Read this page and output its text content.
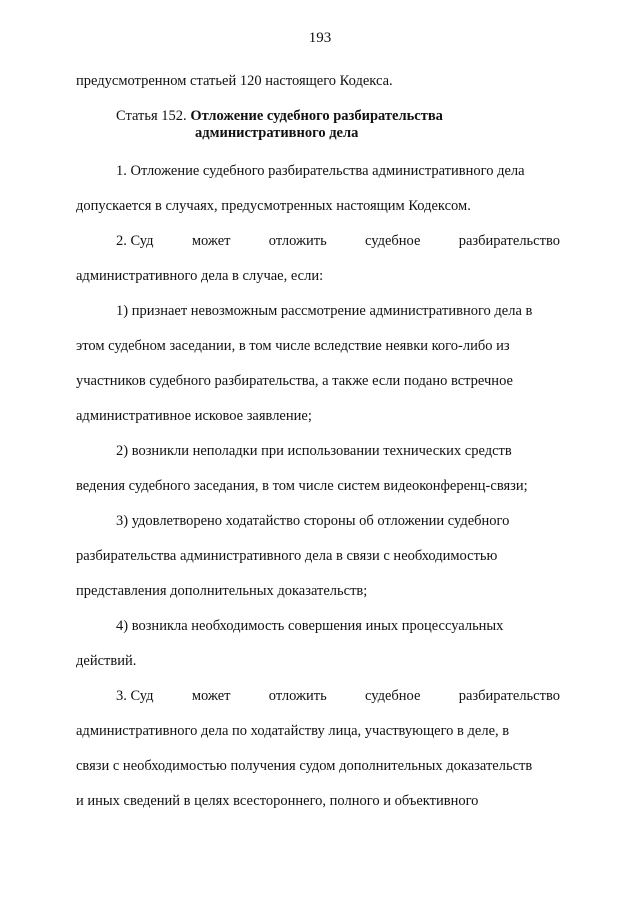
193

предусмотренном статьей 120 настоящего Кодекса.

Статья 152. Отложение судебного разбирательства
административного дела
1. Отложение судебного разбирательства административного дела
допускается в случаях, предусмотренных настоящим Кодексом.
2. Суд	может	отложить	судебное	разбирательство
административного дела в случае, если:
1) признает невозможным рассмотрение административного дела в
этом судебном заседании, в том числе вследствие неявки кого-либо из
участников судебного разбирательства, а также если подано встречное
административное исковое заявление;
2) возникли неполадки при использовании технических средств
ведения судебного заседания, в том числе систем видеоконференц-связи;
3) удовлетворено ходатайство стороны об отложении судебного
разбирательства административного дела в связи с необходимостью
представления дополнительных доказательств;
4) возникла необходимость совершения иных процессуальных
действий.
3. Суд	может	отложить	судебное	разбирательство
административного дела по ходатайству лица, участвующего в деле, в
связи с необходимостью получения судом дополнительных доказательств
и иных сведений в целях всестороннего, полного и объективного
